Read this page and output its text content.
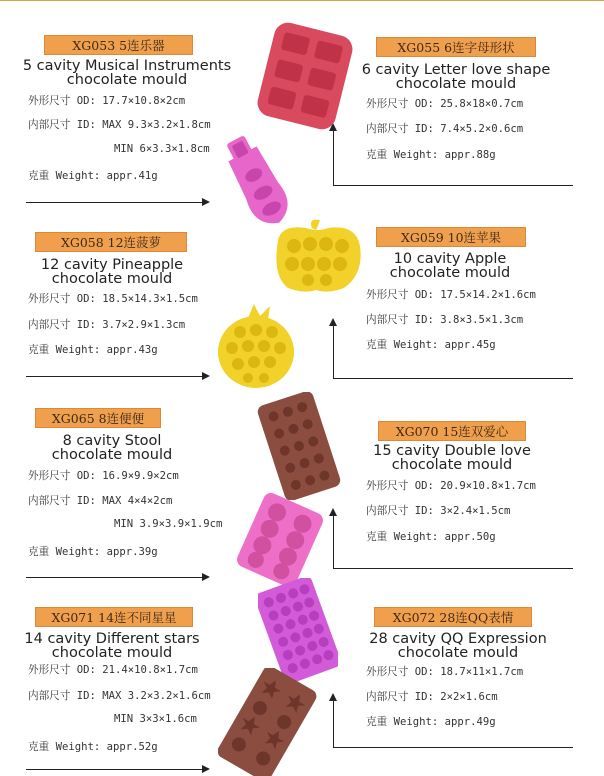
XG053 5连乐器
5 cavity Musical Instruments
chocolate mould
外形尺寸 OD: 17.7×10.8×2cm
内部尺寸 ID: MAX 9.3×3.2×1.8cm
MIN 6×3.3×1.8cm
克重 Weight: appr.41g
XG055 6连字母形状
6 cavity Letter love shape
chocolate mould
外形尺寸 OD: 25.8×18×0.7cm
内部尺寸 ID: 7.4×5.2×0.6cm
克重 Weight: appr.88g
XG058 12连菠萝
12 cavity Pineapple
chocolate mould
外形尺寸 OD: 18.5×14.3×1.5cm
内部尺寸 ID: 3.7×2.9×1.3cm
克重 Weight: appr.43g
XG059 10连苹果
10 cavity Apple
chocolate mould
外形尺寸 OD: 17.5×14.2×1.6cm
内部尺寸 ID: 3.8×3.5×1.3cm
克重 Weight: appr.45g
XG065 8连便便
8 cavity Stool
chocolate mould
外形尺寸 OD: 16.9×9.9×2cm
内部尺寸 ID: MAX 4×4×2cm
MIN 3.9×3.9×1.9cm
克重 Weight: appr.39g
XG070 15连双爱心
15 cavity Double love
chocolate mould
外形尺寸 OD: 20.9×10.8×1.7cm
内部尺寸 ID: 3×2.4×1.5cm
克重 Weight: appr.50g
XG071 14连不同星星
14 cavity Different stars
chocolate mould
外形尺寸 OD: 21.4×10.8×1.7cm
内部尺寸 ID: MAX 3.2×3.2×1.6cm
MIN 3×3×1.6cm
克重 Weight: appr.52g
XG072 28连QQ表情
28 cavity QQ Expression
chocolate mould
外形尺寸 OD: 18.7×11×1.7cm
内部尺寸 ID: 2×2×1.6cm
克重 Weight: appr.49g
